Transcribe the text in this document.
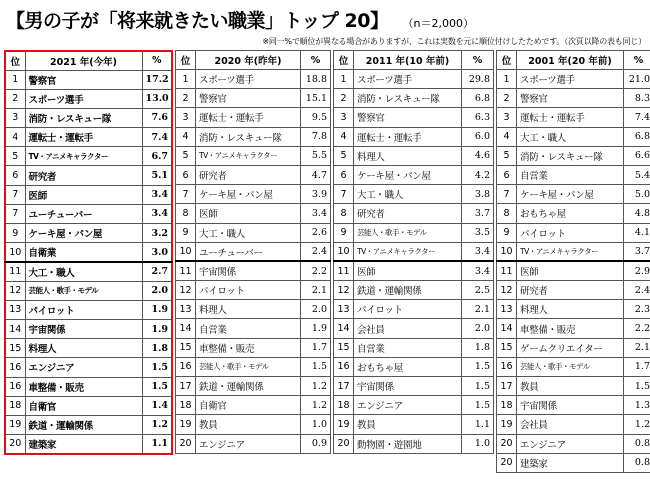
【男の子が「将来就きたい職業」トップ 20】 （n＝2,000）
※同一%で順位が異なる場合がありますが、これは実数を元に順位付けしたためです。（次頁以降の表も同じ）
位	2021 年(今年)	%
1	警察官	17.2
2	スポーツ選手	13.0
3	消防・レスキュー隊	7.6
4	運転士・運転手	7.4
5	TV・アニメキャラクター	6.7
6	研究者	5.1
7	医師	3.4
7	ユーチューバー	3.4
9	ケーキ屋・パン屋	3.2
10	自衛業	3.0
11	大工・職人	2.7
12	芸能人・歌手・モデル	2.0
13	パイロット	1.9
14	宇宙関係	1.9
15	料理人	1.8
16	エンジニア	1.5
16	車整備・販売	1.5
18	自衛官	1.4
19	鉄道・運輸関係	1.2
20	建築家	1.1
位	2020 年(昨年)	%
1	スポーツ選手	18.8
2	警察官	15.1
3	運転士・運転手	9.5
4	消防・レスキュー隊	7.8
5	TV・アニメキャラクター	5.5
6	研究者	4.7
7	ケーキ屋・パン屋	3.9
8	医師	3.4
9	大工・職人	2.6
10	ユーチューバー	2.4
11	宇宙関係	2.2
12	パイロット	2.1
13	料理人	2.0
14	自営業	1.9
15	車整備・販売	1.7
16	芸能人・歌手・モデル	1.5
17	鉄道・運輸関係	1.2
18	自衛官	1.2
19	教員	1.0
20	エンジニア	0.9
位	2011 年(10 年前)	%
1	スポーツ選手	29.8
2	消防・レスキュー隊	6.8
3	警察官	6.3
4	運転士・運転手	6.0
5	料理人	4.6
6	ケーキ屋・パン屋	4.2
7	大工・職人	3.8
8	研究者	3.7
9	芸能人・歌手・モデル	3.5
10	TV・アニメキャラクター	3.4
11	医師	3.4
12	鉄道・運輸関係	2.5
13	パイロット	2.1
14	会社員	2.0
15	自営業	1.8
16	おもちゃ屋	1.5
17	宇宙関係	1.5
18	エンジニア	1.5
19	教員	1.1
20	動物園・遊園地	1.0
位	2001 年(20 年前)	%
1	スポーツ選手	21.0
2	警察官	8.3
3	運転士・運転手	7.4
4	大工・職人	6.8
5	消防・レスキュー隊	6.6
6	自営業	5.4
7	ケーキ屋・パン屋	5.0
8	おもちゃ屋	4.8
9	パイロット	4.1
10	TV・アニメキャラクター	3.7
11	医師	2.9
12	研究者	2.4
13	料理人	2.3
14	車整備・販売	2.2
15	ゲームクリエイター	2.1
16	芸能人・歌手・モデル	1.7
17	教員	1.5
18	宇宙関係	1.3
19	会社員	1.2
20	エンジニア	0.8
20	建築家	0.8
